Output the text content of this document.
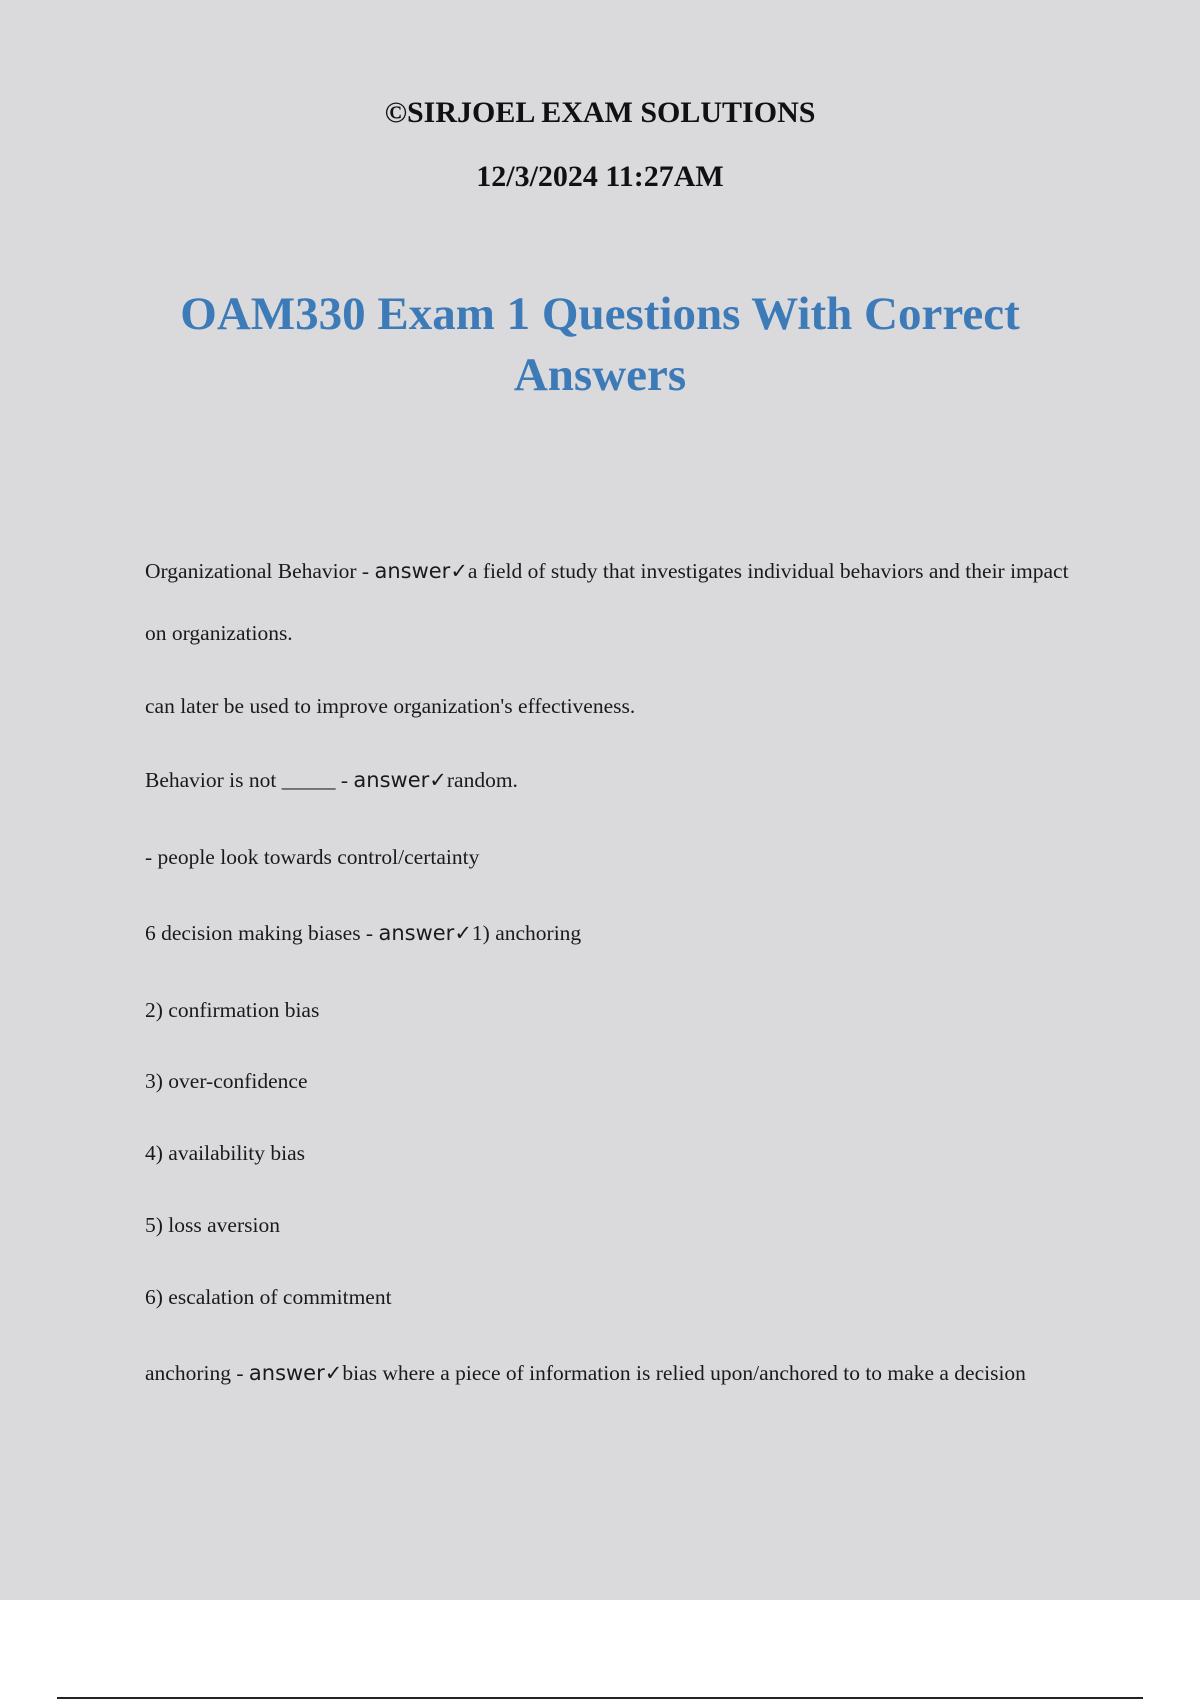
©SIRJOEL EXAM SOLUTIONS
12/3/2024 11:27AM
OAM330 Exam 1 Questions With Correct Answers
Organizational Behavior - answer✓a field of study that investigates individual behaviors and their impact on organizations.
can later be used to improve organization's effectiveness.
Behavior is not _____ - answer✓random.
- people look towards control/certainty
6 decision making biases - answer✓1) anchoring
2) confirmation bias
3) over-confidence
4) availability bias
5) loss aversion
6) escalation of commitment
anchoring - answer✓bias where a piece of information is relied upon/anchored to to make a decision
